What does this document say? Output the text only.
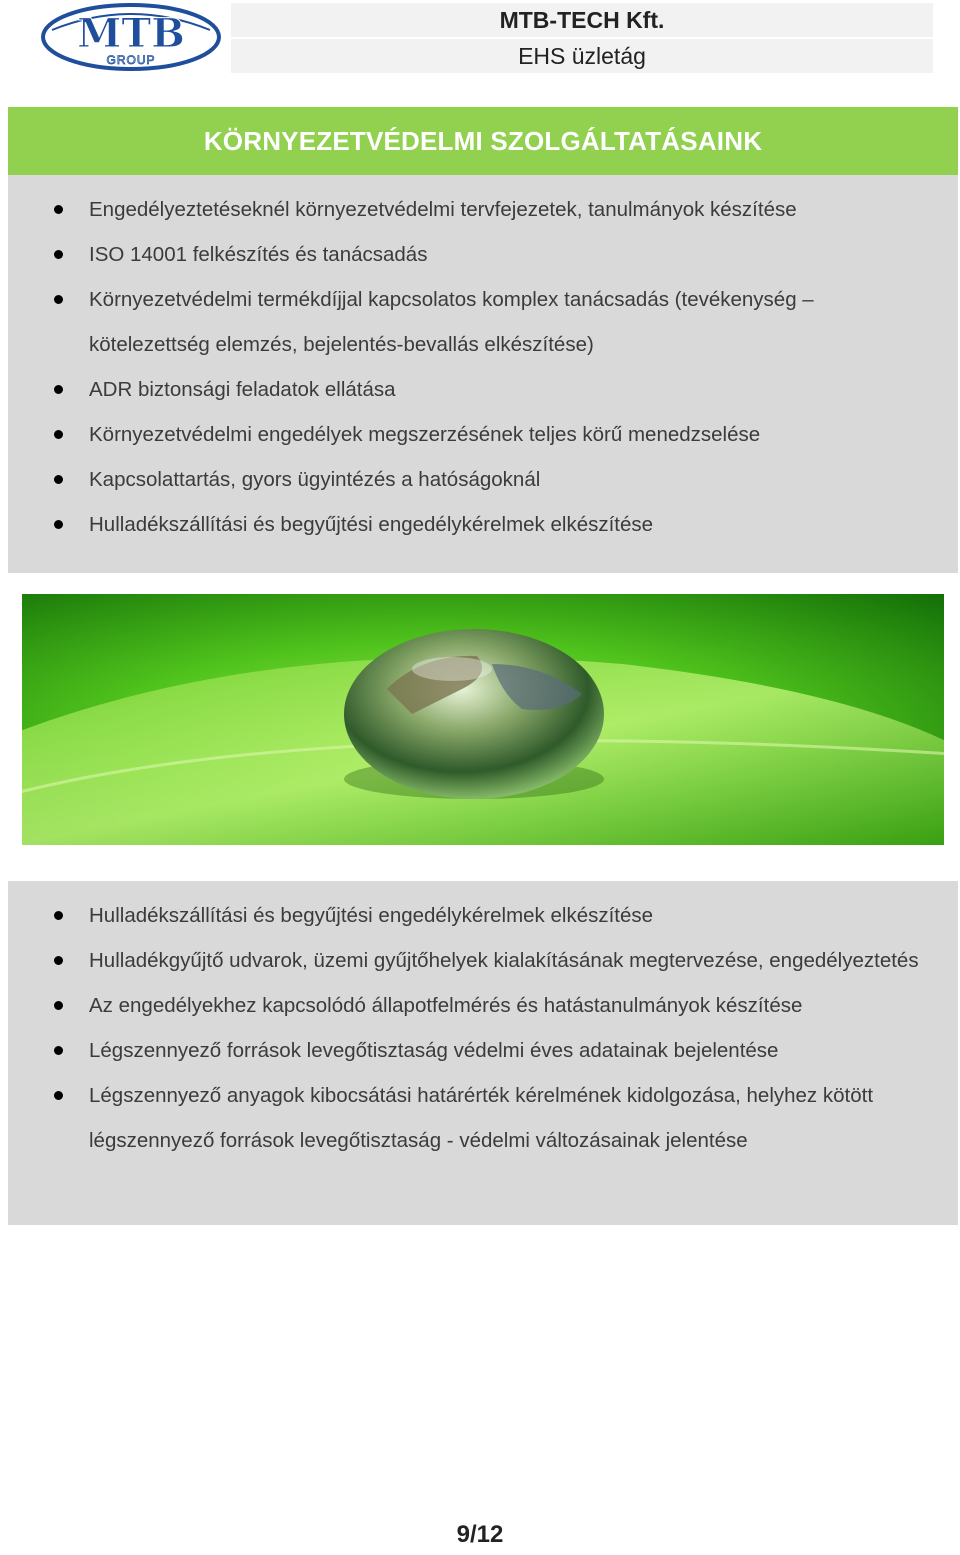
MTB
GROUP
MTB-TECH Kft.
EHS üzletág
KÖRNYEZETVÉDELMI SZOLGÁLTATÁSAINK
Engedélyeztetéseknél környezetvédelmi tervfejezetek, tanulmányok készítése
ISO 14001 felkészítés és tanácsadás
Környezetvédelmi termékdíjjal kapcsolatos komplex tanácsadás (tevékenység – kötelezettség elemzés, bejelentés-bevallás elkészítése)
ADR biztonsági feladatok ellátása
Környezetvédelmi engedélyek megszerzésének teljes körű menedzselése
Kapcsolattartás, gyors ügyintézés a hatóságoknál
Hulladékszállítási és begyűjtési engedélykérelmek elkészítése
Hulladékszállítási és begyűjtési engedélykérelmek elkészítése
Hulladékgyűjtő udvarok, üzemi gyűjtőhelyek kialakításának megtervezése, engedélyeztetés
Az engedélyekhez kapcsolódó állapotfelmérés és hatástanulmányok készítése
Légszennyező források levegőtisztaság védelmi éves adatainak bejelentése
Légszennyező anyagok kibocsátási határérték kérelmének kidolgozása, helyhez kötött légszennyező források levegőtisztaság - védelmi változásainak jelentése
9/12
